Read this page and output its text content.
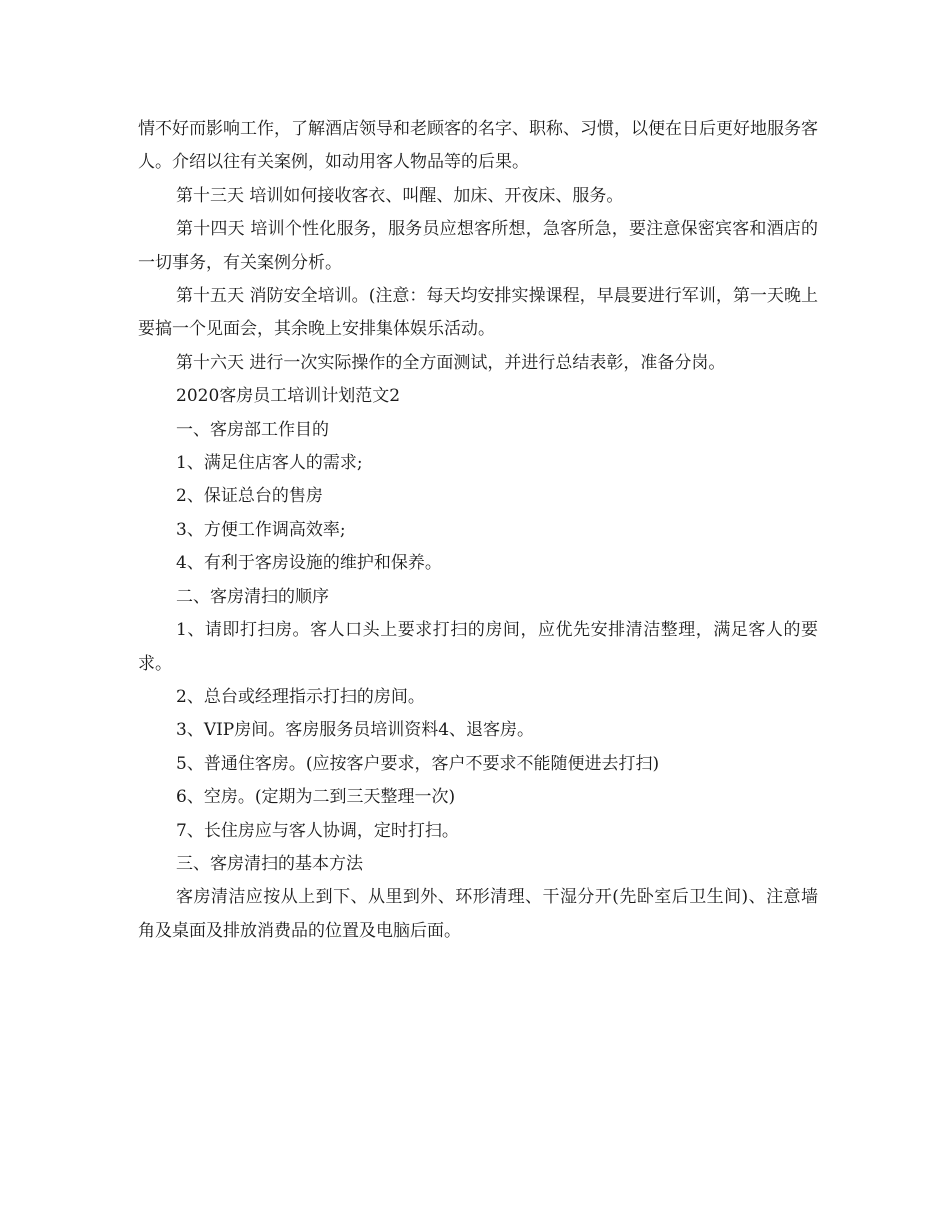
情不好而影响工作，了解酒店领导和老顾客的名字、职称、习惯，以便在日后更好地服务客人。介绍以往有关案例，如动用客人物品等的后果。

第十三天 培训如何接收客衣、叫醒、加床、开夜床、服务。

第十四天 培训个性化服务，服务员应想客所想，急客所急，要注意保密宾客和酒店的一切事务，有关案例分析。

第十五天 消防安全培训。(注意：每天均安排实操课程，早晨要进行军训，第一天晚上要搞一个见面会，其余晚上安排集体娱乐活动。

第十六天 进行一次实际操作的全方面测试，并进行总结表彰，准备分岗。

2020客房员工培训计划范文2

一、客房部工作目的

1、满足住店客人的需求;

2、保证总台的售房

3、方便工作调高效率;

4、有利于客房设施的维护和保养。

二、客房清扫的顺序

1、请即打扫房。客人口头上要求打扫的房间，应优先安排清洁整理，满足客人的要求。

2、总台或经理指示打扫的房间。

3、VIP房间。客房服务员培训资料4、退客房。

5、普通住客房。(应按客户要求，客户不要求不能随便进去打扫)

6、空房。(定期为二到三天整理一次)

7、长住房应与客人协调，定时打扫。

三、客房清扫的基本方法

客房清洁应按从上到下、从里到外、环形清理、干湿分开(先卧室后卫生间)、注意墙角及桌面及排放消费品的位置及电脑后面。
